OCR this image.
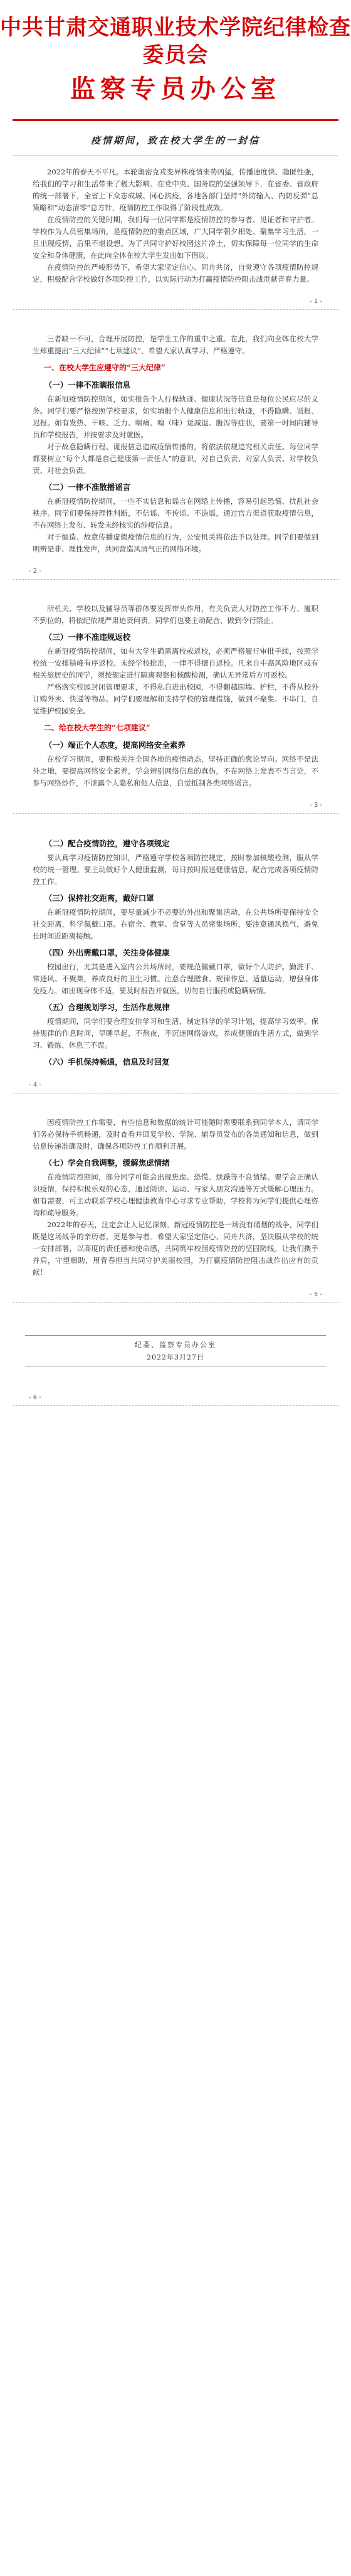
中共甘肃交通职业技术学院纪律检查委员会
监察专员办公室
疫情期间，致在校大学生的一封信

2022年的春天不平凡。本轮奥密克戎变异株疫情来势凶猛，传播速度快、隐匿性强，给我们的学习和生活带来了极大影响。在党中央、国务院的坚强领导下，在省委、省政府的统一部署下，全省上下众志成城、同心抗疫，各地各部门坚持“外防输入、内防反弹”总策略和“动态清零”总方针，疫情防控工作取得了阶段性成效。

在疫情防控的关键时期，我们每一位同学都是疫情防控的参与者、见证者和守护者。学校作为人员密集场所，是疫情防控的重点区域，广大同学朝夕相处、聚集学习生活，一旦出现疫情，后果不堪设想。为了共同守护好校园这片净土，切实保障每一位同学的生命安全和身体健康，在此向全体在校大学生发出如下倡议。

在疫情防控的严峻形势下，希望大家坚定信心、同舟共济，自觉遵守各项疫情防控规定，积极配合学校做好各项防控工作，以实际行动为打赢疫情防控阻击战贡献青春力量。

- 1 -

三者缺一不可，合理开展防控，是学生工作的重中之重。在此，我们向全体在校大学生郑重提出“三大纪律”“七项建议”，希望大家认真学习、严格遵守。

一、在校大学生应遵守的“三大纪律”
（一）一律不准瞒报信息

在新冠疫情防控期间，如实报告个人行程轨迹、健康状况等信息是每位公民应尽的义务。同学们要严格按照学校要求，如实填报个人健康信息和出行轨迹，不得隐瞒、谎报、迟报。如有发热、干咳、乏力、咽痛、嗅（味）觉减退、腹泻等症状，要第一时间向辅导员和学校报告，并按要求及时就医。

对于故意隐瞒行程、谎报信息造成疫情传播的，将依法依规追究相关责任。每位同学都要树立“每个人都是自己健康第一责任人”的意识，对自己负责、对家人负责、对学校负责、对社会负责。

（二）一律不准散播谣言

在新冠疫情防控期间，一些不实信息和谣言在网络上传播，容易引起恐慌、扰乱社会秩序。同学们要保持理性判断，不信谣、不传谣、不造谣，通过官方渠道获取疫情信息，不在网络上发布、转发未经核实的涉疫信息。

对于编造、故意传播虚假疫情信息的行为，公安机关将依法予以处理。同学们要做到明辨是非、理性发声，共同营造风清气正的网络环境。

- 2 -

所机关、学校以及辅导员等群体要发挥带头作用，有关负责人对防控工作不力、履职不到位的，将依纪依规严肃追责问责。同学们也要主动配合，做到令行禁止。

（三）一律不准违规返校

在新冠疫情防控期间，如有大学生确需离校或返校，必须严格履行审批手续，按照学校统一安排错峰有序返校。未经学校批准，一律不得擅自返校。凡来自中高风险地区或有相关旅居史的同学，须按规定进行隔离观察和核酸检测，确认无异常后方可返校。

严格落实校园封闭管理要求，不得私自进出校园，不得翻越围墙、护栏，不得从校外订购外卖、快递等物品。同学们要理解和支持学校的管理措施，做到不聚集、不串门，自觉维护校园安全。

二、给在校大学生的“七项建议”
（一）端正个人态度，提高网络安全素养

在校学习期间，要积极关注全国各地的疫情动态，坚持正确的舆论导向。网络不是法外之地，要提高网络安全素养，学会辨别网络信息的真伪，不在网络上发表不当言论，不参与网络炒作，不泄露个人隐私和他人信息，自觉抵制各类网络谣言。

- 3 -
（二）配合疫情防控，遵守各项规定

要认真学习疫情防控知识，严格遵守学校各项防控规定，按时参加核酸检测，服从学校的统一管理。要主动做好个人健康监测，每日按时报送健康信息，配合完成各项疫情防控工作。

（三）保持社交距离，戴好口罩

在新冠疫情防控期间，要尽量减少不必要的外出和聚集活动，在公共场所要保持安全社交距离，科学佩戴口罩。在宿舍、教室、食堂等人员密集场所，要注意通风换气，避免长时间近距离接触。

（四）外出需戴口罩，关注身体健康

校园出行，尤其是进入室内公共场所时，要规范佩戴口罩，做好个人防护。勤洗手、常通风、不聚集，养成良好的卫生习惯。注意合理膳食、规律作息、适量运动，增强身体免疫力。如出现身体不适，要及时报告并就医，切勿自行服药或隐瞒病情。

（五）合理规划学习，生活作息规律

疫情期间，同学们要合理安排学习和生活，制定科学的学习计划，提高学习效率。保持规律的作息时间，早睡早起，不熬夜，不沉迷网络游戏，养成健康的生活方式，做到学习、锻炼、休息三不误。

（六）手机保持畅通，信息及时回复
- 4 -

因疫情防控工作需要，有些信息和数据的统计可能随时需要联系到同学本人，请同学们务必保持手机畅通，及时查看并回复学校、学院、辅导员发布的各类通知和信息，做到信息传递准确及时，确保各项防控工作顺利开展。

（七）学会自我调整，缓解焦虑情绪

在疫情防控期间，部分同学可能会出现焦虑、恐慌、烦躁等不良情绪。要学会正确认识疫情，保持积极乐观的心态，通过阅读、运动、与家人朋友沟通等方式缓解心理压力。如有需要，可主动联系学校心理健康教育中心寻求专业帮助，学校将为同学们提供心理咨询和疏导服务。

2022年的春天，注定会让人记忆深刻。新冠疫情防控是一场没有硝烟的战争，同学们既是这场战争的亲历者，更是参与者。希望大家坚定信心、同舟共济，坚决服从学校的统一安排部署，以高度的责任感和使命感，共同筑牢校园疫情防控的坚固防线。让我们携手并肩，守望相助，用青春担当共同守护美丽校园，为打赢疫情防控阻击战作出应有的贡献！

- 5 -
纪委、监察专员办公室
2022年3月27日
- 6 -
